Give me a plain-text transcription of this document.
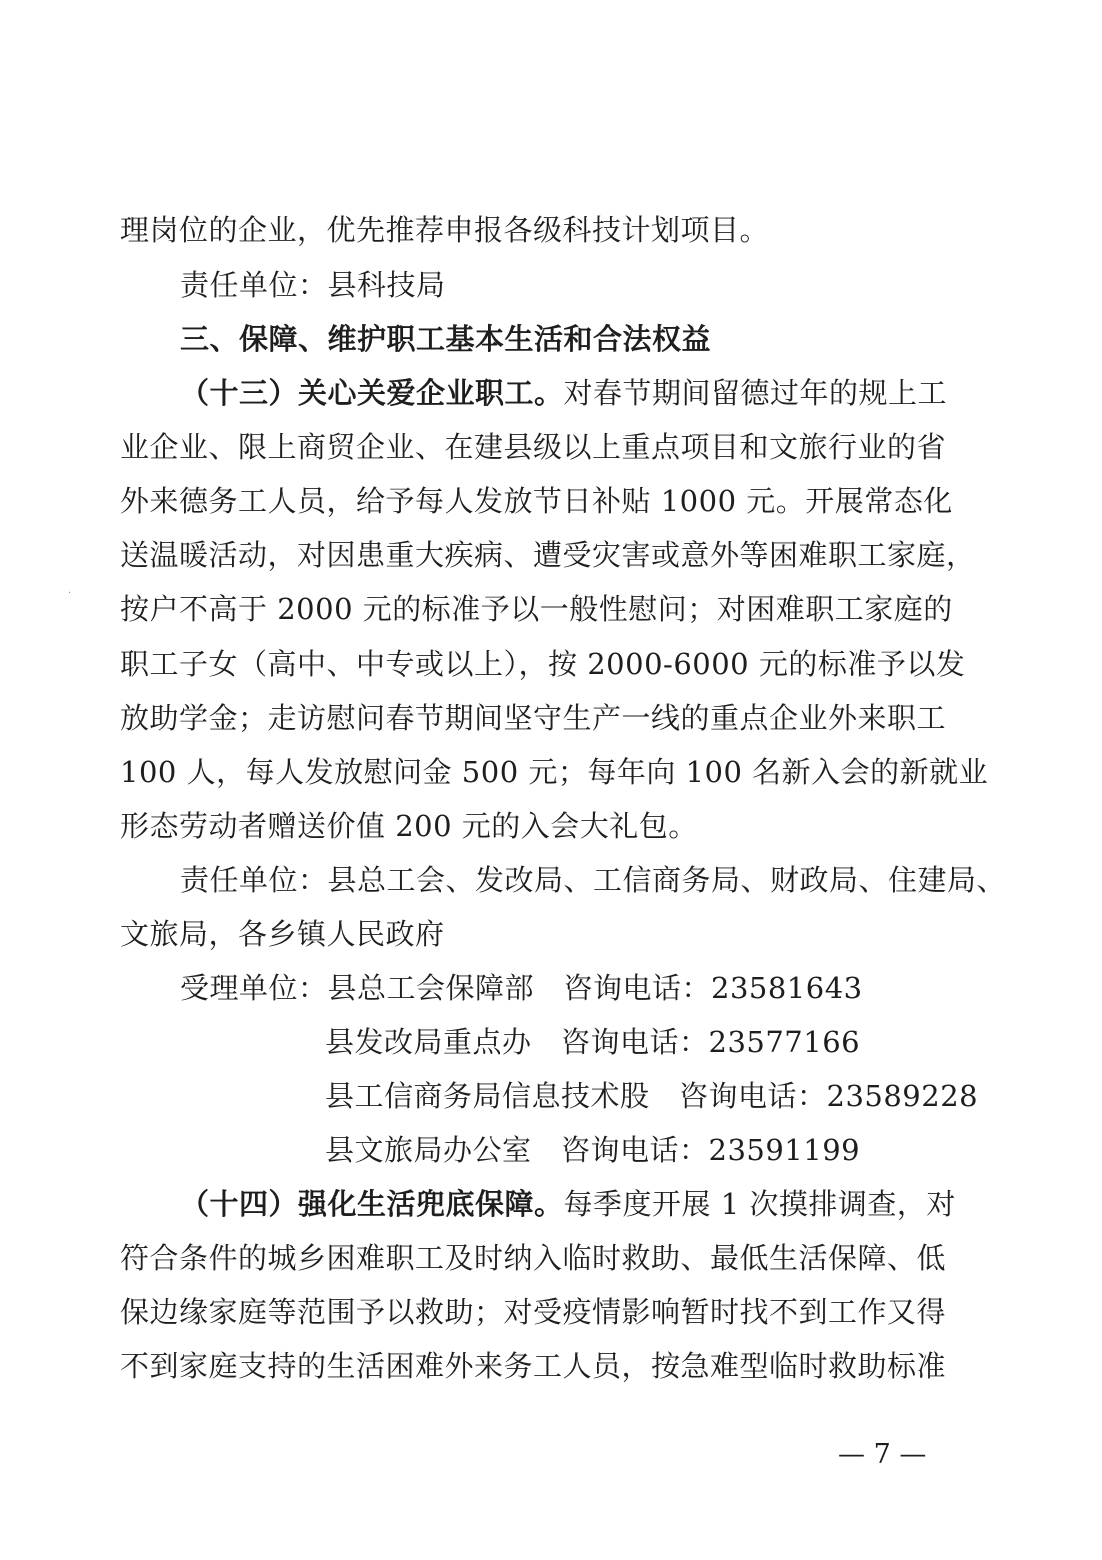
·

理岗位的企业，优先推荐申报各级科技计划项目。

责任单位：县科技局

三、保障、维护职工基本生活和合法权益

（十三）关心关爱企业职工。对春节期间留德过年的规上工

业企业、限上商贸企业、在建县级以上重点项目和文旅行业的省

外来德务工人员，给予每人发放节日补贴 1000 元。开展常态化

送温暖活动，对因患重大疾病、遭受灾害或意外等困难职工家庭，

按户不高于 2000 元的标准予以一般性慰问；对困难职工家庭的

职工子女（高中、中专或以上），按 2000-6000 元的标准予以发

放助学金；走访慰问春节期间坚守生产一线的重点企业外来职工

100 人，每人发放慰问金 500 元；每年向 100 名新入会的新就业

形态劳动者赠送价值 200 元的入会大礼包。

责任单位：县总工会、发改局、工信商务局、财政局、住建局、

文旅局，各乡镇人民政府

受理单位：县总工会保障部　咨询电话：23581643

县发改局重点办　咨询电话：23577166

县工信商务局信息技术股　咨询电话：23589228

县文旅局办公室　咨询电话：23591199

（十四）强化生活兜底保障。每季度开展 1 次摸排调查，对

符合条件的城乡困难职工及时纳入临时救助、最低生活保障、低

保边缘家庭等范围予以救助；对受疫情影响暂时找不到工作又得

不到家庭支持的生活困难外来务工人员，按急难型临时救助标准

— 7 —
